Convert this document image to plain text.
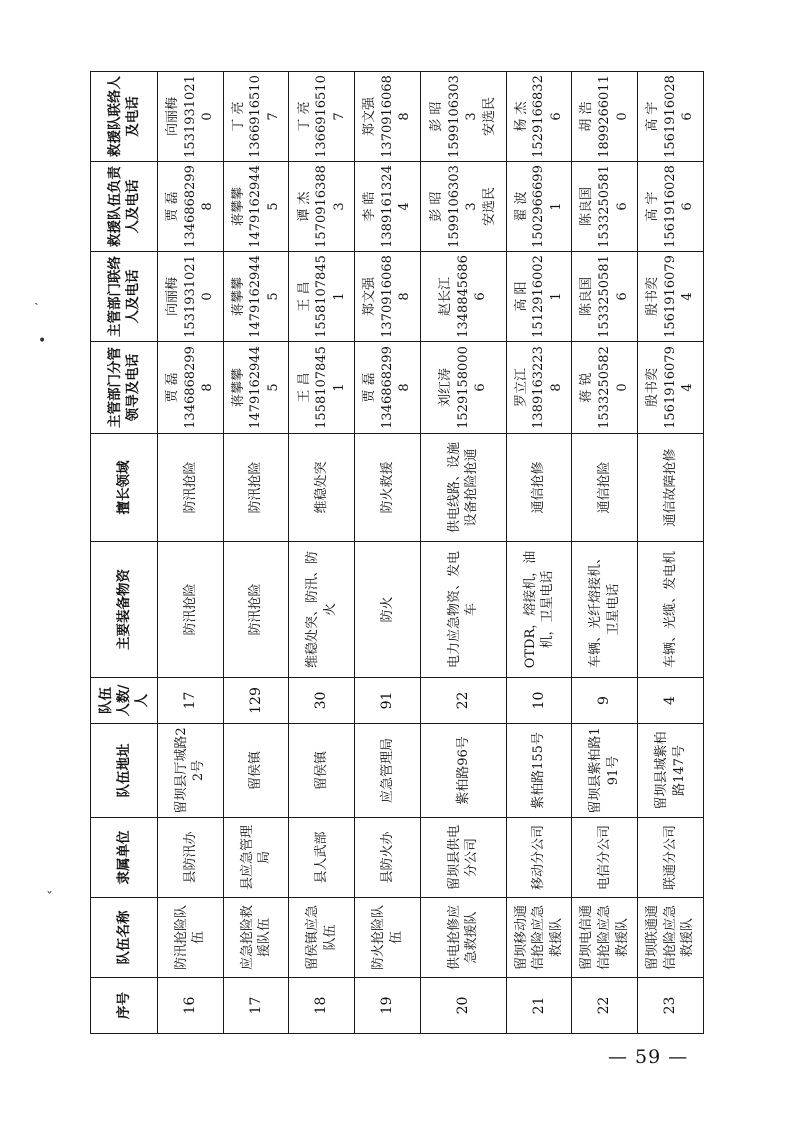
ˎ
•
ˇ
序号	队伍名称	隶属单位	队伍地址	队伍人数/人	主要装备物资	擅长领域	主管部门分管领导及电话	主管部门联络人及电话	救援队伍负责人及电话	救援队联络人及电话
16	防汛抢险队伍	县防汛办	留坝县厅城路22号	17	防汛抢险	防汛抢险	贾 磊 13468682998	向丽梅 15319310210	贾 磊 13468682998	向丽梅 15319310210

17	应急抢险救援队伍	县应急管理局	留侯镇	129	防汛抢险	防汛抢险	蒋攀攀 14791629445	蒋攀攀 14791629445	蒋攀攀 14791629445	丁 亮 13669165107

18	留侯镇应急队伍	县人武部	留侯镇	30	维稳处突、防汛、防火	维稳处突	王 昌 15581078451	王 昌 15581078451	谭 杰 15709163883	丁 亮 13669165107

19	防火抢险队伍	县防火办	应急管理局	91	防火	防火救援	贾 磊 13468682998	郑文强 13709160688	李 皓 13891613244	郑文强 13709160688

20	供电抢修应急救援队	留坝县供电分公司	紫柏路96号	22	电力应急物资、发电车	供电线路、设施设备抢险抢通	刘红涛 15291580006	赵长江 13488456866	彭 昭 15991063033 安选民	彭 昭 15991063033 安选民

21	留坝移动通信抢险应急救援队	移动分公司	紫柏路155号	10	OTDR，熔接机，油机，卫星电话	通信抢修	罗立江 13891632238	高 阳 15129160021	翟 波 15029666991	杨 杰 15291668326

22	留坝电信通信抢险应急救援队	电信分公司	留坝县紫柏路191号	9	车辆、光纤熔接机、卫星电话	通信抢险	蒋 锐 15332505820	陈良国 15332505816	陈良国 15332505816	胡 浩 18992660110

23	留坝联通通信抢险应急救援队	联通分公司	留坝县城紫柏路147号	4	车辆、光缆、发电机	通信故障抢修	殷书奕 15619160794	殷书奕 15619160794	高 宇 15619160286	高 宇 15619160286
— 59 —
